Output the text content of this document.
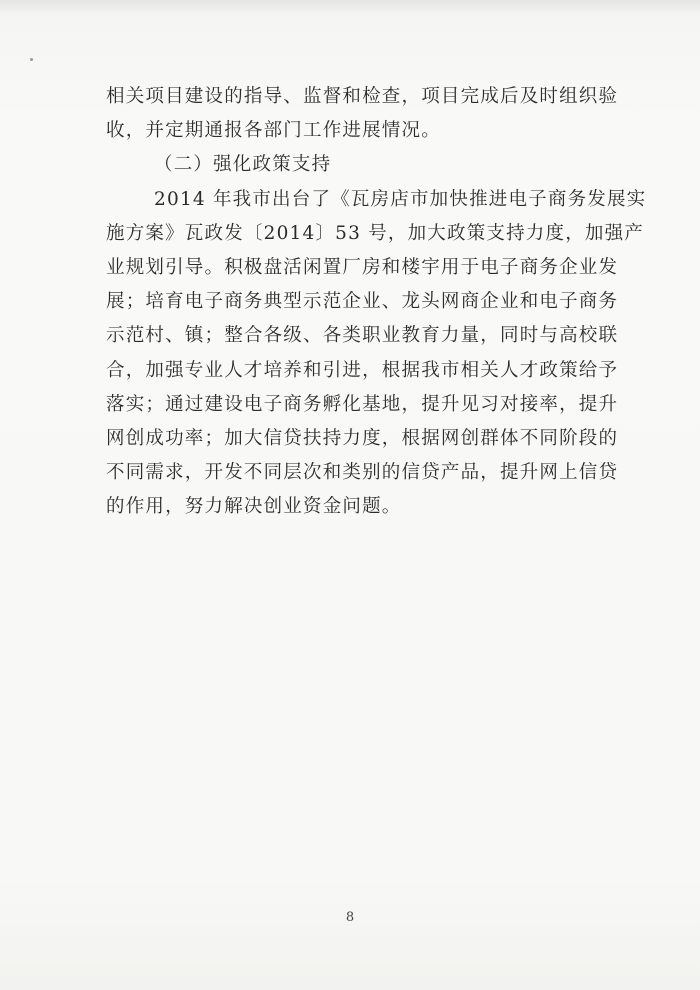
相关项目建设的指导、监督和检查，项目完成后及时组织验
收，并定期通报各部门工作进展情况。
（二）强化政策支持
2014 年我市出台了《瓦房店市加快推进电子商务发展实
施方案》瓦政发〔2014〕53 号，加大政策支持力度，加强产
业规划引导。积极盘活闲置厂房和楼宇用于电子商务企业发
展；培育电子商务典型示范企业、龙头网商企业和电子商务
示范村、镇；整合各级、各类职业教育力量，同时与高校联
合，加强专业人才培养和引进，根据我市相关人才政策给予
落实；通过建设电子商务孵化基地，提升见习对接率，提升
网创成功率；加大信贷扶持力度，根据网创群体不同阶段的
不同需求，开发不同层次和类别的信贷产品，提升网上信贷
的作用，努力解决创业资金问题。
8
